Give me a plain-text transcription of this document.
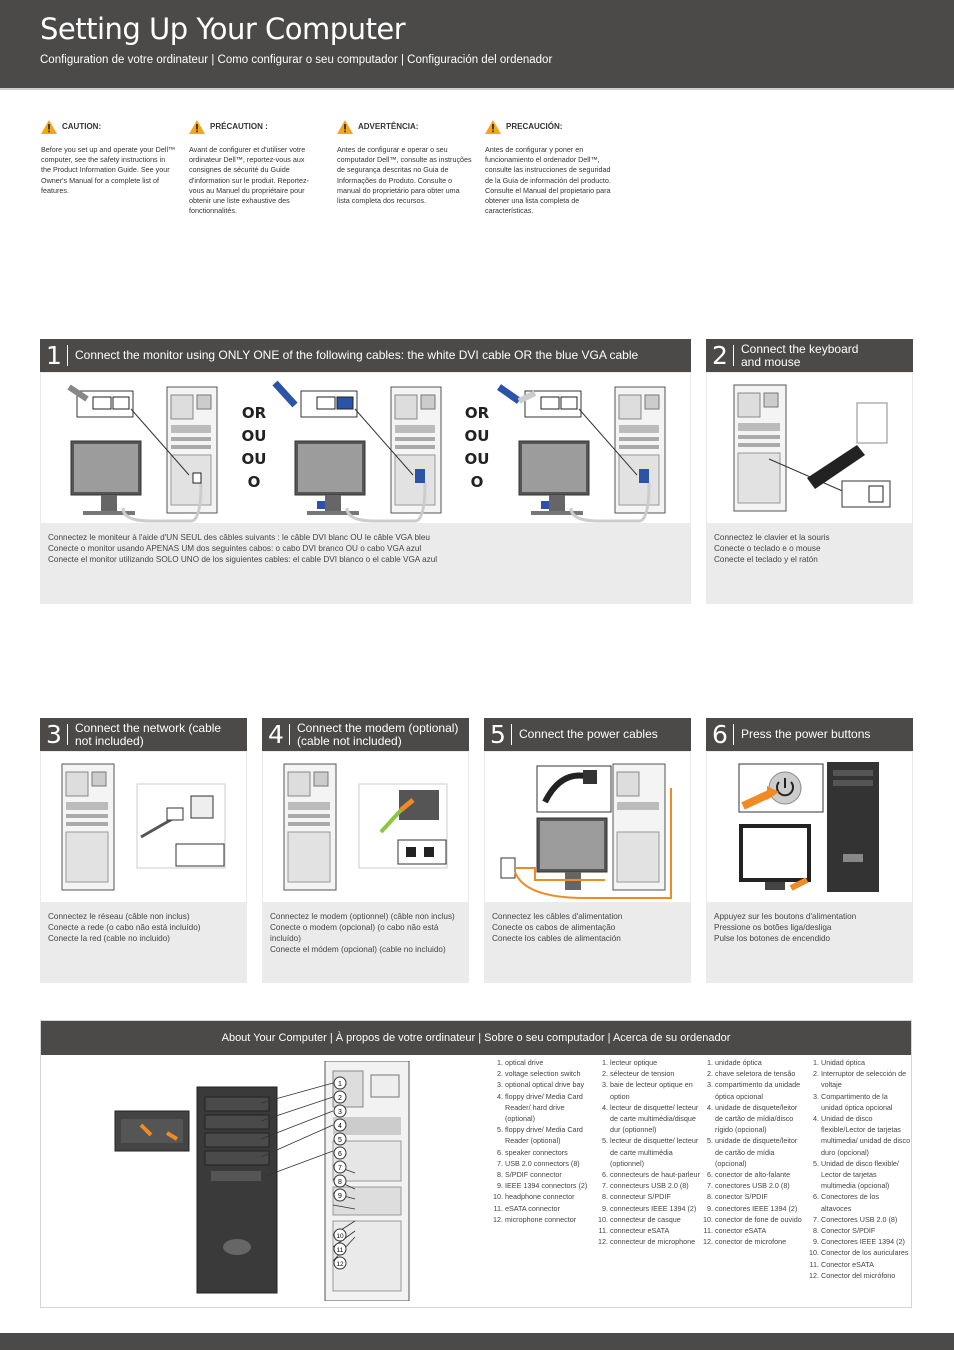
Setting Up Your Computer
Configuration de votre ordinateur | Como configurar o seu computador | Configuración del ordenador
CAUTION:

Before you set up and operate your Dell™ computer, see the safety instructions in the Product Information Guide. See your Owner's Manual for a complete list of features.

PRÉCAUTION :

Avant de configurer et d'utiliser votre ordinateur Dell™, reportez-vous aux consignes de sécurité du Guide d'information sur le produit. Reportez-vous au Manuel du propriétaire pour obtenir une liste exhaustive des fonctionnalités.

ADVERTÊNCIA:

Antes de configurar e operar o seu computador Dell™, consulte as instruções de segurança descritas no Guia de Informações do Produto. Consulte o manual do proprietário para obter uma lista completa dos recursos.

PRECAUCIÓN:

Antes de configurar y poner en funcionamiento el ordenador Dell™, consulte las instrucciones de seguridad de la Guía de información del producto. Consulte el Manual del propietario para obtener una lista completa de características.

1	Connect the monitor using ONLY ONE of the following cables: the white DVI cable OR the blue VGA cable
Connectez le moniteur à l'aide d'UN SEUL des câbles suivants : le câble DVI blanc OU le câble VGA bleu
Conecte o monitor usando APENAS UM dos seguintes cabos: o cabo DVI branco OU o cabo VGA azul
Conecte el monitor utilizando SOLO UNO de los siguientes cables: el cable DVI blanco o el cable VGA azul
OR
OU
OU
O
OR
OU
OU
O
2	Connect the keyboard and mouse
Connectez le clavier et la souris
Conecte o teclado e o mouse
Conecte el teclado y el ratón
3	Connect the network (cable not included)
Connectez le réseau (câble non inclus)
Conecte a rede (o cabo não está incluído)
Conecte la red (cable no incluido)
4	Connect the modem (optional) (cable not included)
Connectez le modem (optionnel) (câble non inclus)
Conecte o modem (opcional) (o cabo não está incluído)
Conecte el módem (opcional) (cable no incluido)
5	Connect the power cables
Connectez les câbles d'alimentation
Conecte os cabos de alimentação
Conecte los cables de alimentación
6	Press the power buttons
Appuyez sur les boutons d'alimentation
Pressione os botões liga/desliga
Pulse los botones de encendido
About Your Computer | À propos de votre ordinateur | Sobre o seu computador | Acerca de su ordenador
1
2
3
4
5
6
7
8
9
10
11
12
1. optical drive
2. voltage selection switch
3. optional optical drive bay
4. floppy drive/ Media Card Reader/ hard drive (optional)
5. floppy drive/ Media Card Reader (optional)
6. speaker connectors
7. USB 2.0 connectors (8)
8. S/PDIF connector
9. IEEE 1394 connectors (2)
10. headphone connector
11. eSATA connector
12. microphone connector
1. lecteur optique
2. sélecteur de tension
3. baie de lecteur optique en option
4. lecteur de disquette/ lecteur de carte multimédia/disque dur (optionnel)
5. lecteur de disquette/ lecteur de carte multimédia (optionnel)
6. connecteurs de haut-parleur
7. connecteurs USB 2.0 (8)
8. connecteur S/PDIF
9. connecteurs IEEE 1394 (2)
10. connecteur de casque
11. connecteur eSATA
12. connecteur de microphone
1. unidade óptica
2. chave seletora de tensão
3. compartimento da unidade óptica opcional
4. unidade de disquete/leitor de cartão de mídia/disco rígido (opcional)
5. unidade de disquete/leitor de cartão de mídia (opcional)
6. conector de alto-falante
7. conectores USB 2.0 (8)
8. conector S/PDIF
9. conectores IEEE 1394 (2)
10. conector de fone de ouvido
11. conector eSATA
12. conector de microfone
1. Unidad óptica
2. Interruptor de selección de voltaje
3. Compartimento de la unidad óptica opcional
4. Unidad de disco flexible/Lector de tarjetas multimedia/ unidad de disco duro (opcional)
5. Unidad de disco flexible/ Lector de tarjetas multimedia (opcional)
6. Conectores de los altavoces
7. Conectores USB 2.0 (8)
8. Conector S/PDIF
9. Conectores IEEE 1394 (2)
10. Conector de los auriculares
11. Conector eSATA
12. Conector del micrófono
